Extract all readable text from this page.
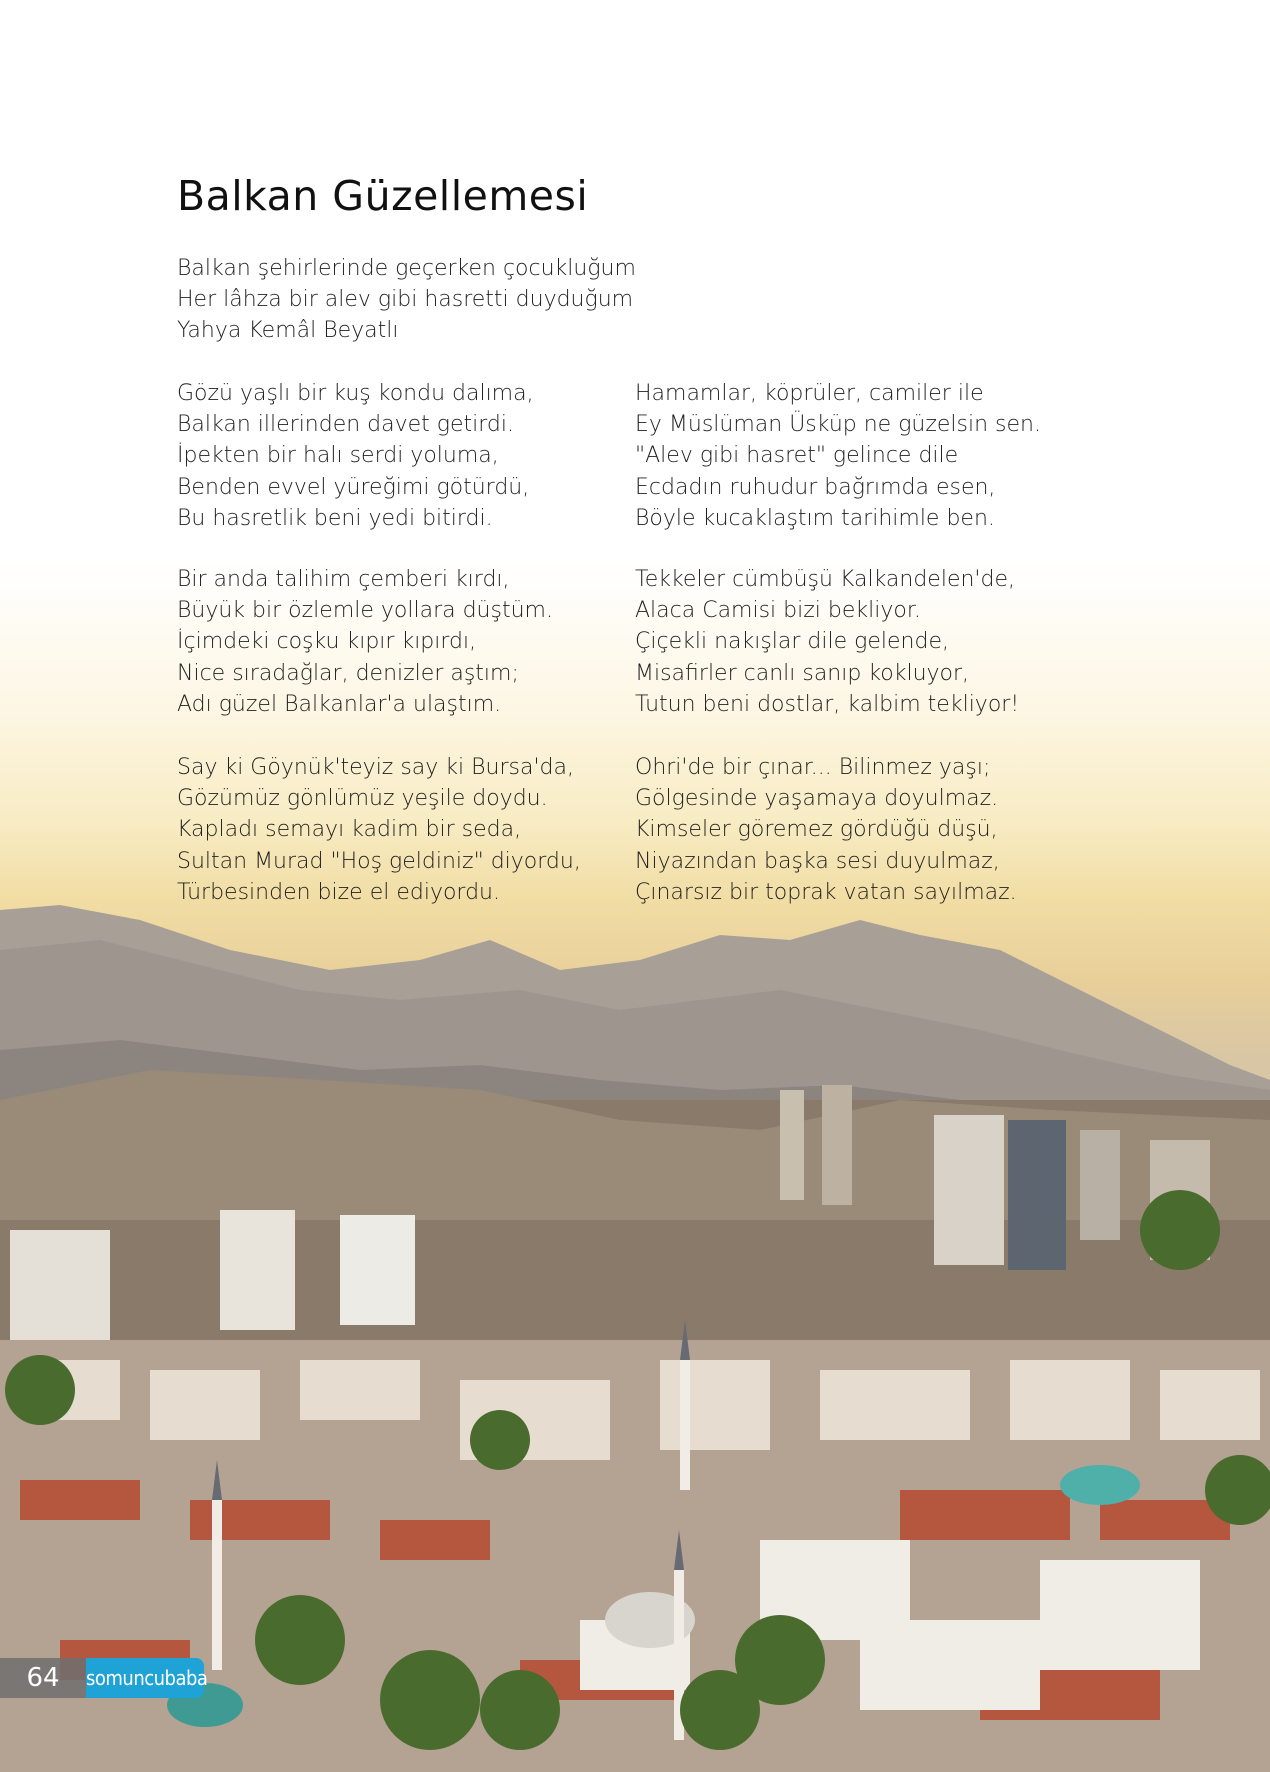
Balkan Güzellemesi
Balkan şehirlerinde geçerken çocukluğum
Her lâhza bir alev gibi hasretti duyduğum
Yahya Kemâl Beyatlı
Gözü yaşlı bir kuş kondu dalıma,
Balkan illerinden davet getirdi.
İpekten bir halı serdi yoluma,
Benden evvel yüreğimi götürdü,
Bu hasretlik beni yedi bitirdi.
Bir anda talihim çemberi kırdı,
Büyük bir özlemle yollara düştüm.
İçimdeki coşku kıpır kıpırdı,
Nice sıradağlar, denizler aştım;
Adı güzel Balkanlar'a ulaştım.
Say ki Göynük'teyiz say ki Bursa'da,
Gözümüz gönlümüz yeşile doydu.
Kapladı semayı kadim bir seda,
Sultan Murad "Hoş geldiniz" diyordu,
Türbesinden bize el ediyordu.
Hamamlar, köprüler, camiler ile
Ey Müslüman Üsküp ne güzelsin sen.
"Alev gibi hasret" gelince dile
Ecdadın ruhudur bağrımda esen,
Böyle kucaklaştım tarihimle ben.
Tekkeler cümbüşü Kalkandelen'de,
Alaca Camisi bizi bekliyor.
Çiçekli nakışlar dile gelende,
Misafirler canlı sanıp kokluyor,
Tutun beni dostlar, kalbim tekliyor!
Ohri'de bir çınar... Bilinmez yaşı;
Gölgesinde yaşamaya doyulmaz.
Kimseler göremez gördüğü düşü,
Niyazından başka sesi duyulmaz,
Çınarsız bir toprak vatan sayılmaz.
64	somuncubaba
